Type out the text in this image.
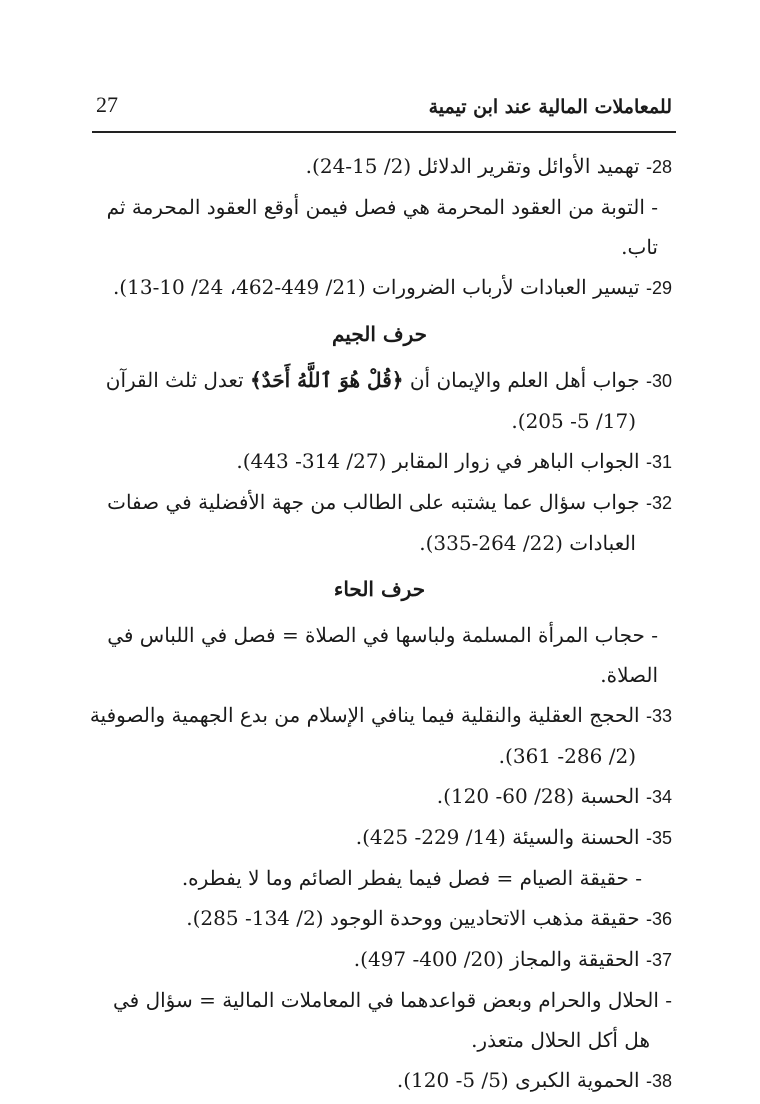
27	للمعاملات المالية عند ابن تيمية

28- تهميد الأوائل وتقرير الدلائل (2/ 15-24).

- التوبة من العقود المحرمة هي فصل فيمن أوقع العقود المحرمة ثم تاب.

29- تيسير العبادات لأرباب الضرورات (21/ 449-462، 24/ 10-13).

حرف الجيم

30- جواب أهل العلم والإيمان أن ﴿قُلْ هُوَ ٱللَّهُ أَحَدٌ﴾ تعدل ثلث القرآن (17/ 5- 205).

31- الجواب الباهر في زوار المقابر (27/ 314- 443).

32- جواب سؤال عما يشتبه على الطالب من جهة الأفضلية في صفات العبادات (22/ 264-335).

حرف الحاء

- حجاب المرأة المسلمة ولباسها في الصلاة = فصل في اللباس في الصلاة.

33- الحجج العقلية والنقلية فيما ينافي الإسلام من بدع الجهمية والصوفية (2/ 286- 361).

34- الحسبة (28/ 60- 120).

35- الحسنة والسيئة (14/ 229- 425).

- حقيقة الصيام = فصل فيما يفطر الصائم وما لا يفطره.

36- حقيقة مذهب الاتحاديين ووحدة الوجود (2/ 134- 285).

37- الحقيقة والمجاز (20/ 400- 497).

- الحلال والحرام وبعض قواعدهما في المعاملات المالية = سؤال في هل أكل الحلال متعذر.

38- الحموية الكبرى (5/ 5- 120).
